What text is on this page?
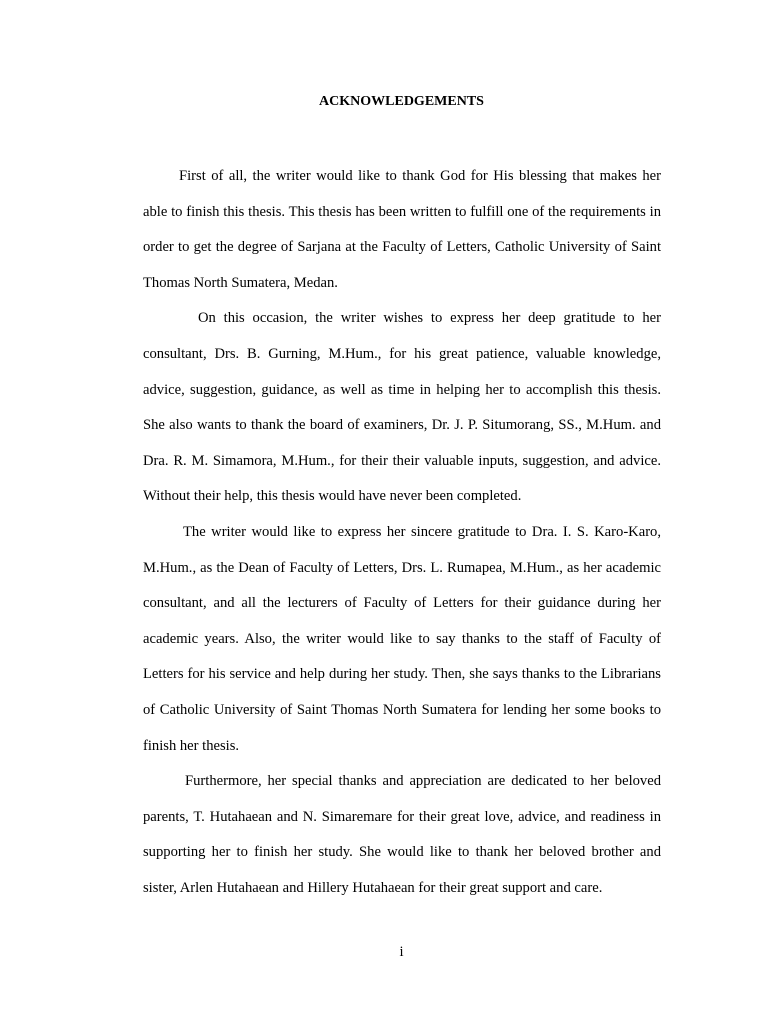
ACKNOWLEDGEMENTS

First of all, the writer would like to thank God for His blessing that makes her able to finish this thesis. This thesis has been written to fulfill one of the requirements in order to get the degree of Sarjana at the Faculty of Letters, Catholic University of Saint Thomas North Sumatera, Medan.

On this occasion, the writer wishes to express her deep gratitude to her consultant, Drs. B. Gurning, M.Hum., for his great patience, valuable knowledge, advice, suggestion, guidance, as well as time in helping her to accomplish this thesis. She also wants to thank the board of examiners, Dr. J. P. Situmorang, SS., M.Hum. and Dra. R. M. Simamora, M.Hum., for their their valuable inputs, suggestion, and advice. Without their help, this thesis would have never been completed.

The writer would like to express her sincere gratitude to Dra. I. S. Karo-Karo, M.Hum., as the Dean of Faculty of Letters, Drs. L. Rumapea, M.Hum., as her academic consultant, and all the lecturers of Faculty of Letters for their guidance during her academic years. Also, the writer would like to say thanks to the staff of Faculty of Letters for his service and help during her study. Then, she says thanks to the Librarians of Catholic University of Saint Thomas North Sumatera for lending her some books to finish her thesis.

Furthermore, her special thanks and appreciation are dedicated to her beloved parents, T. Hutahaean and N. Simaremare for their great love, advice, and readiness in supporting her to finish her study. She would like to thank her beloved brother and sister, Arlen Hutahaean and Hillery Hutahaean for their great support and care.

i
